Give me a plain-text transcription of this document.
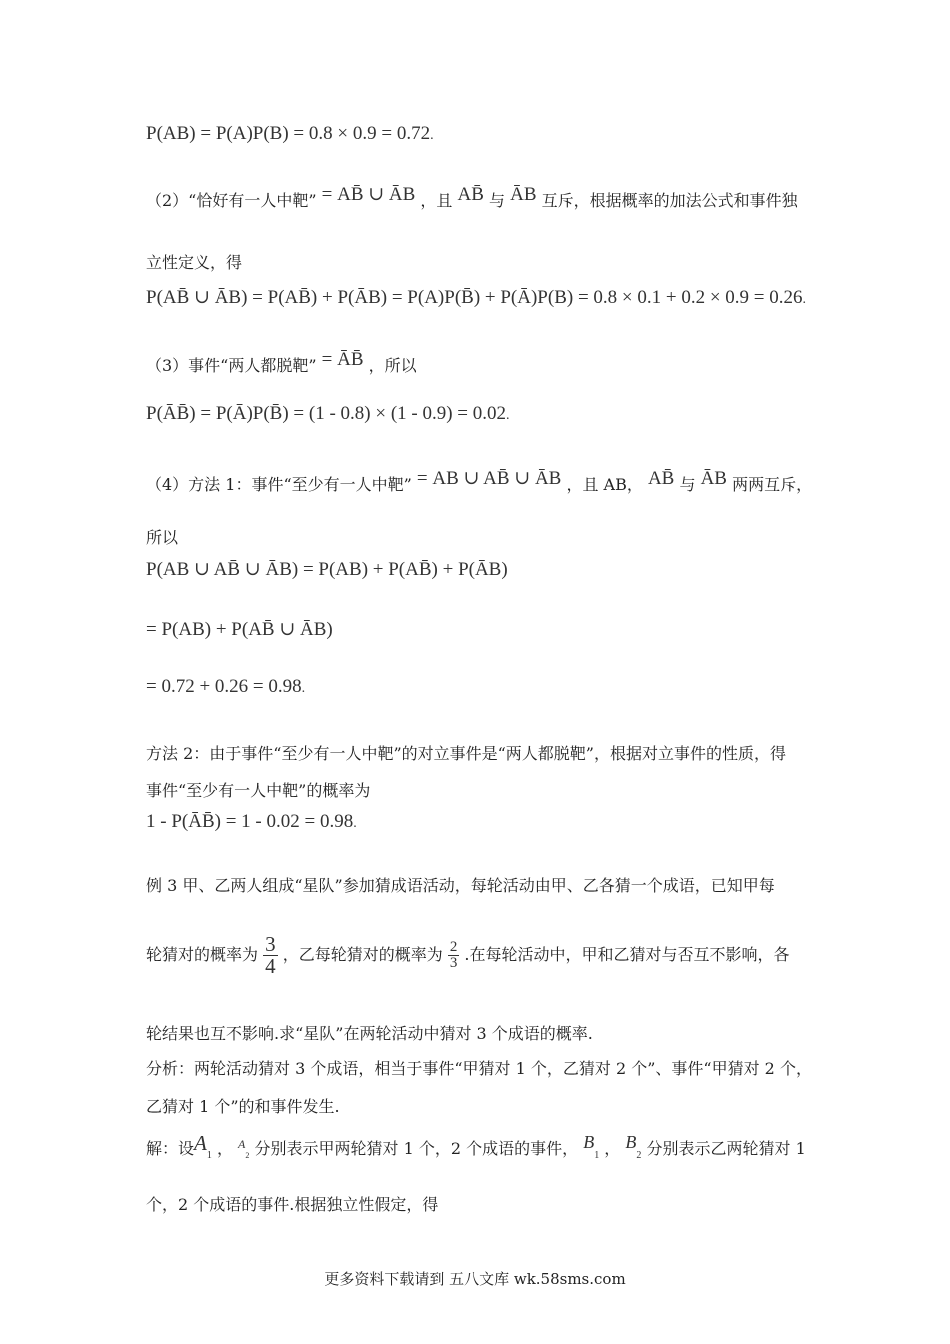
P(AB) = P(A)P(B) = 0.8 × 0.9 = 0.72.
（2）“恰好有一人中靶” = AB̄ ∪ ĀB ，且 AB̄ 与 ĀB 互斥，根据概率的加法公式和事件独
立性定义，得
P(AB̄ ∪ ĀB) = P(AB̄) + P(ĀB) = P(A)P(B̄) + P(Ā)P(B) = 0.8 × 0.1 + 0.2 × 0.9 = 0.26.
（3）事件“两人都脱靶” = ĀB̄ ，所以
P(ĀB̄) = P(Ā)P(B̄) = (1 - 0.8) × (1 - 0.9) = 0.02.
（4）方法 1：事件“至少有一人中靶” = AB ∪ AB̄ ∪ ĀB ，且 AB， AB̄ 与 ĀB 两两互斥，
所以
P(AB ∪ AB̄ ∪ ĀB) = P(AB) + P(AB̄) + P(ĀB)
= P(AB) + P(AB̄ ∪ ĀB)
= 0.72 + 0.26 = 0.98.
方法 2：由于事件“至少有一人中靶”的对立事件是“两人都脱靶”，根据对立事件的性质，得
事件“至少有一人中靶”的概率为
1 - P(ĀB̄) = 1 - 0.02 = 0.98.
例 3 甲、乙两人组成“星队”参加猜成语活动，每轮活动由甲、乙各猜一个成语，已知甲每
轮猜对的概率为 $\frac{3}{4}$ ，乙每轮猜对的概率为 $\frac{2}{3}$ .在每轮活动中，甲和乙猜对与否互不影响，各
轮结果也互不影响.求“星队”在两轮活动中猜对 3 个成语的概率.
分析：两轮活动猜对 3 个成语，相当于事件“甲猜对 1 个，乙猜对 2 个”、事件“甲猜对 2 个，
乙猜对 1 个”的和事件发生.
解：设$A_1$ ， $^A_2$ 分别表示甲两轮猜对 1 个，2 个成语的事件， $B_1$ ， $B_2$ 分别表示乙两轮猜对 1
个，2 个成语的事件.根据独立性假定，得
更多资料下载请到 五八文库 wk.58sms.com
